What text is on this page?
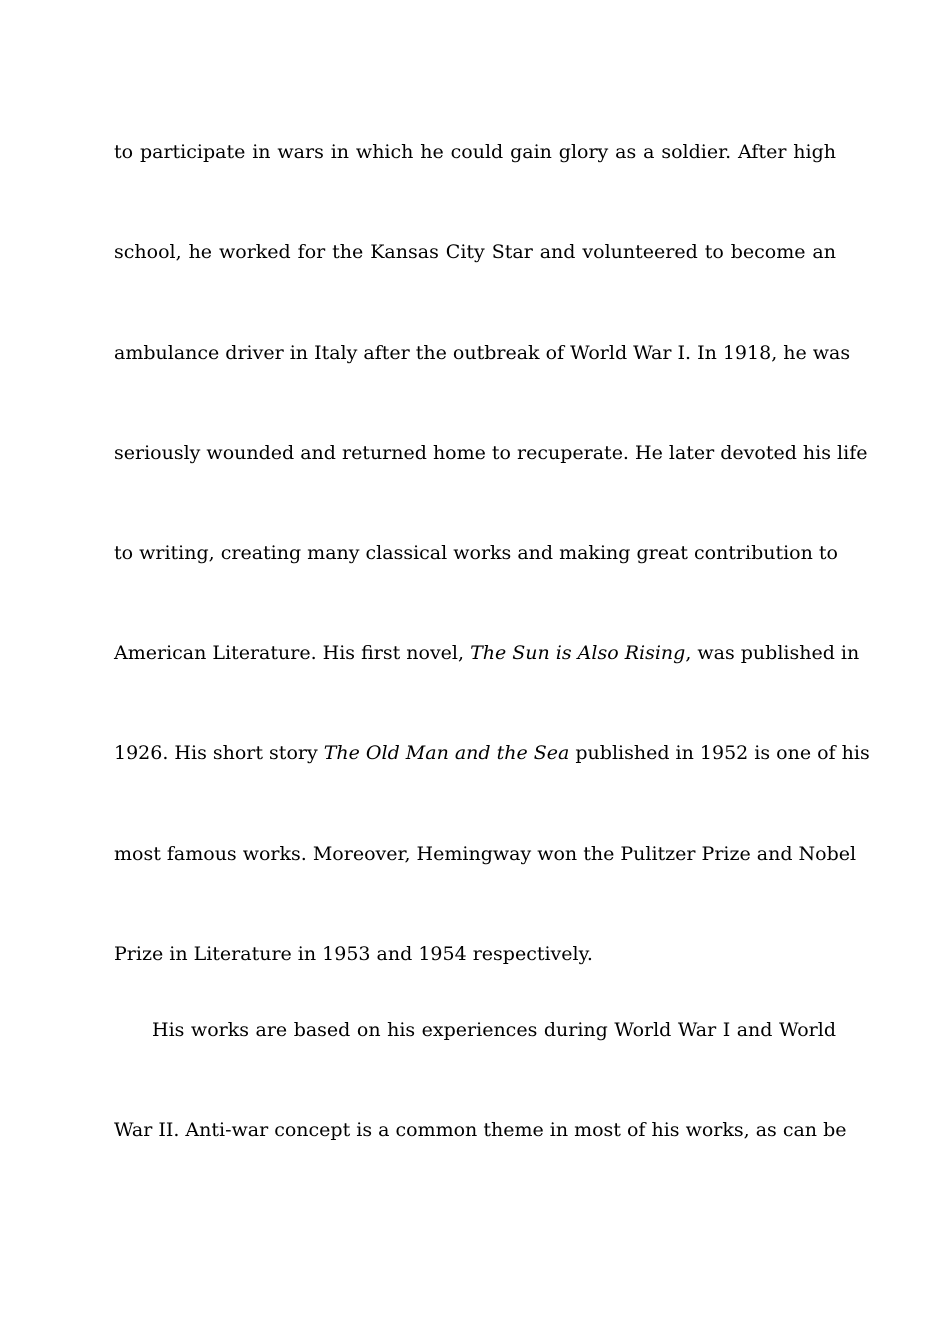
to participate in wars in which he could gain glory as a soldier. After high
school, he worked for the Kansas City Star and volunteered to become an
ambulance driver in Italy after the outbreak of World War I. In 1918, he was
seriously wounded and returned home to recuperate. He later devoted his life
to writing, creating many classical works and making great contribution to
American Literature. His first novel, The Sun is Also Rising, was published in
1926. His short story The Old Man and the Sea published in 1952 is one of his
most famous works. Moreover, Hemingway won the Pulitzer Prize and Nobel
Prize in Literature in 1953 and 1954 respectively.
His works are based on his experiences during World War I and World
War II. Anti-war concept is a common theme in most of his works, as can be
